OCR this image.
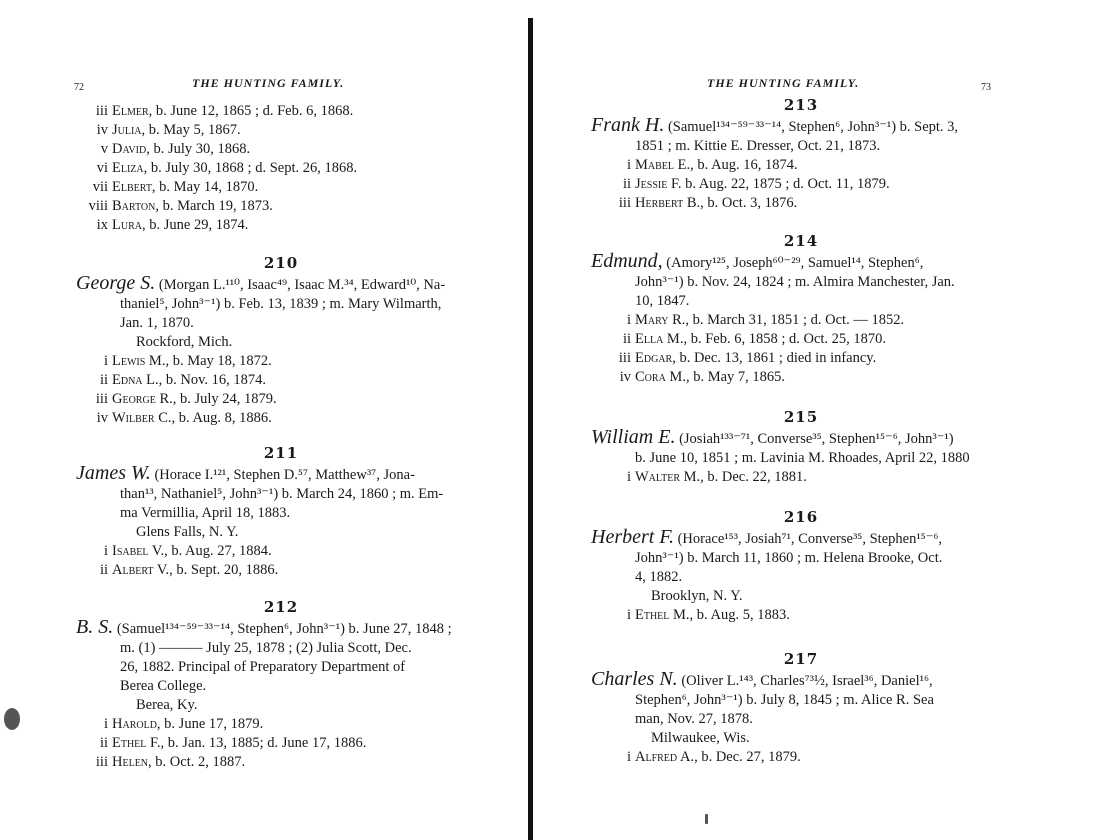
72	THE HUNTING FAMILY.
iii Elmer, b. June 12, 1865 ; d. Feb. 6, 1868.
iv Julia, b. May 5, 1867.
v David, b. July 30, 1868.
vi Eliza, b. July 30, 1868 ; d. Sept. 26, 1868.
vii Elbert, b. May 14, 1870.
viii Barton, b. March 19, 1873.
ix Lura, b. June 29, 1874.
210
George S. (Morgan L.¹¹⁰, Isaac⁴⁹, Isaac M.³⁴, Edward¹⁰, Na-
thaniel⁵, John³⁻¹) b. Feb. 13, 1839 ; m. Mary Wilmarth,
Jan. 1, 1870.
Rockford, Mich.
i Lewis M., b. May 18, 1872.
ii Edna L., b. Nov. 16, 1874.
iii George R., b. July 24, 1879.
iv Wilber C., b. Aug. 8, 1886.
211
James W. (Horace I.¹²¹, Stephen D.⁵⁷, Matthew³⁷, Jona-
than¹³, Nathaniel⁵, John³⁻¹) b. March 24, 1860 ; m. Em-
ma Vermillia, April 18, 1883.
Glens Falls, N. Y.
i Isabel V., b. Aug. 27, 1884.
ii Albert V., b. Sept. 20, 1886.
212
B. S. (Samuel¹³⁴⁻⁵⁹⁻³³⁻¹⁴, Stephen⁶, John³⁻¹) b. June 27, 1848 ;
m. (1) ——— July 25, 1878 ; (2) Julia Scott, Dec.
26, 1882. Principal of Preparatory Department of
Berea College.
Berea, Ky.
i Harold, b. June 17, 1879.
ii Ethel F., b. Jan. 13, 1885; d. June 17, 1886.
iii Helen, b. Oct. 2, 1887.
THE HUNTING FAMILY.	73
213
Frank H. (Samuel¹³⁴⁻⁵⁹⁻³³⁻¹⁴, Stephen⁶, John³⁻¹) b. Sept. 3,
1851 ; m. Kittie E. Dresser, Oct. 21, 1873.
i Mabel E., b. Aug. 16, 1874.
ii Jessie F. b. Aug. 22, 1875 ; d. Oct. 11, 1879.
iii Herbert B., b. Oct. 3, 1876.
214
Edmund, (Amory¹²⁵, Joseph⁶⁰⁻²⁹, Samuel¹⁴, Stephen⁶,
John³⁻¹) b. Nov. 24, 1824 ; m. Almira Manchester, Jan.
10, 1847.
i Mary R., b. March 31, 1851 ; d. Oct. — 1852.
ii Ella M., b. Feb. 6, 1858 ; d. Oct. 25, 1870.
iii Edgar, b. Dec. 13, 1861 ; died in infancy.
iv Cora M., b. May 7, 1865.
215
William E. (Josiah¹³³⁻⁷¹, Converse³⁵, Stephen¹⁵⁻⁶, John³⁻¹)
b. June 10, 1851 ; m. Lavinia M. Rhoades, April 22, 1880
i Walter M., b. Dec. 22, 1881.
216
Herbert F. (Horace¹⁵³, Josiah⁷¹, Converse³⁵, Stephen¹⁵⁻⁶,
John³⁻¹) b. March 11, 1860 ; m. Helena Brooke, Oct.
4, 1882.
Brooklyn, N. Y.
i Ethel M., b. Aug. 5, 1883.
217
Charles N. (Oliver L.¹⁴³, Charles⁷³½, Israel³⁶, Daniel¹⁶,
Stephen⁶, John³⁻¹) b. July 8, 1845 ; m. Alice R. Sea
man, Nov. 27, 1878.
Milwaukee, Wis.
i Alfred A., b. Dec. 27, 1879.
